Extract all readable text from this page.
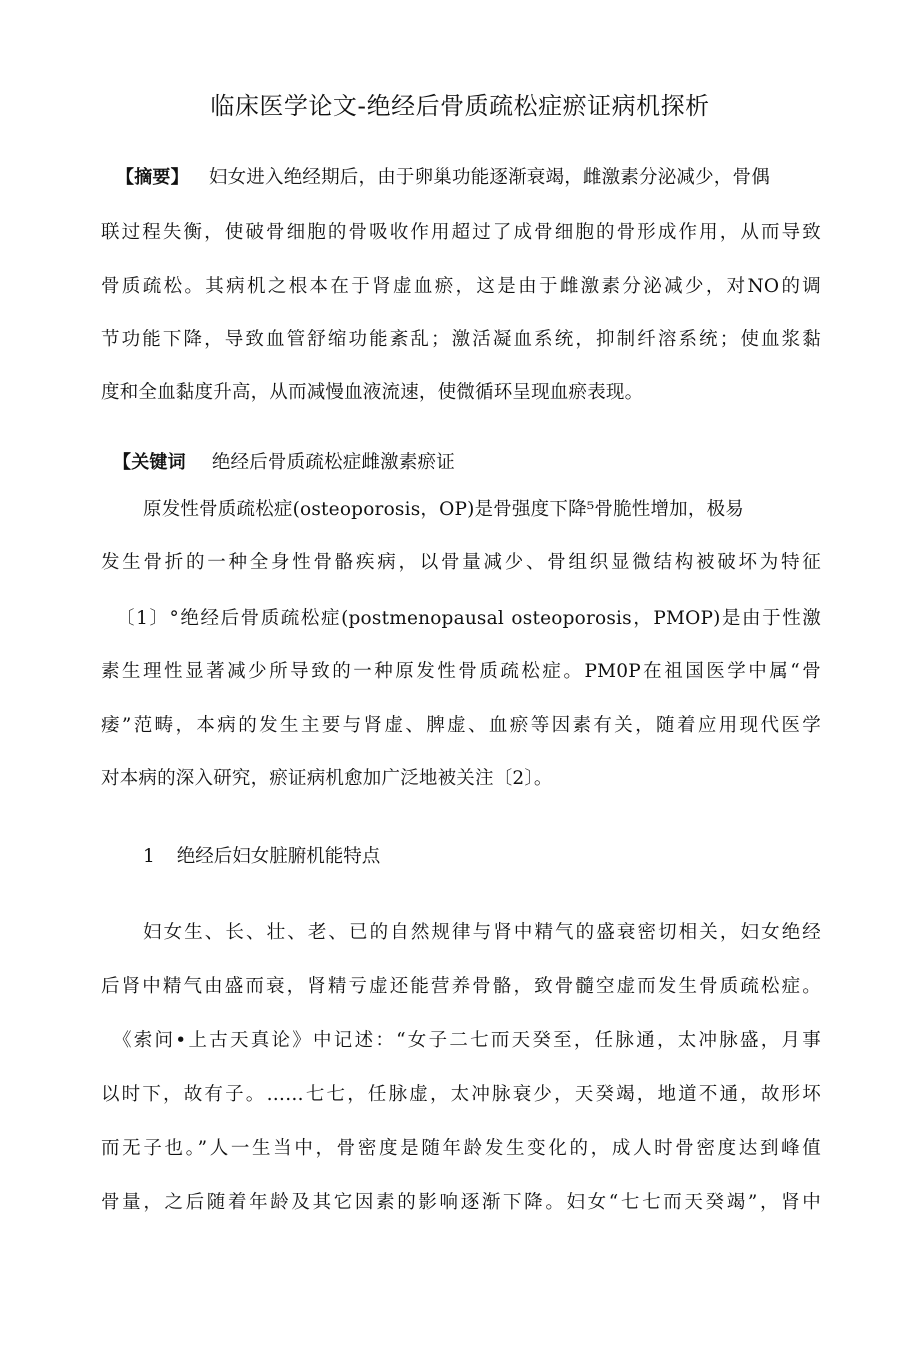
临床医学论文-绝经后骨质疏松症瘀证病机探析
【摘要】 妇女进入绝经期后，由于卵巢功能逐渐衰竭，雌激素分泌减少，骨偶
联过程失衡，使破骨细胞的骨吸收作用超过了成骨细胞的骨形成作用，从而导致
骨质疏松。其病机之根本在于肾虚血瘀，这是由于雌激素分泌减少，对NO的调
节功能下降，导致血管舒缩功能紊乱；激活凝血系统，抑制纤溶系统；使血浆黏
度和全血黏度升高，从而减慢血液流速，使微循环呈现血瘀表现。
【关键词 绝经后骨质疏松症雌激素瘀证
原发性骨质疏松症(osteoporosis，OP)是骨强度下降⁵骨脆性增加，极易
发生骨折的一种全身性骨骼疾病，以骨量减少、骨组织显微结构被破坏为特征
〔1〕°绝经后骨质疏松症(postmenopausal osteoporosis，PMOP)是由于性激
素生理性显著减少所导致的一种原发性骨质疏松症。PM0P在祖国医学中属“骨
痿”范畴，本病的发生主要与肾虚、脾虚、血瘀等因素有关，随着应用现代医学
对本病的深入研究，瘀证病机愈加广泛地被关注〔2〕。
1 绝经后妇女脏腑机能特点
妇女生、长、壮、老、已的自然规律与肾中精气的盛衰密切相关，妇女绝经
后肾中精气由盛而衰，肾精亏虚还能营养骨骼，致骨髓空虚而发生骨质疏松症。
《索问•上古天真论》中记述：“女子二七而天癸至，任脉通，太冲脉盛，月事
以时下，故有子。……七七，任脉虚，太冲脉衰少，天癸竭，地道不通，故形坏
而无子也。”人一生当中，骨密度是随年龄发生变化的，成人时骨密度达到峰值
骨量，之后随着年龄及其它因素的影响逐渐下降。妇女“七七而天癸竭”，肾中
